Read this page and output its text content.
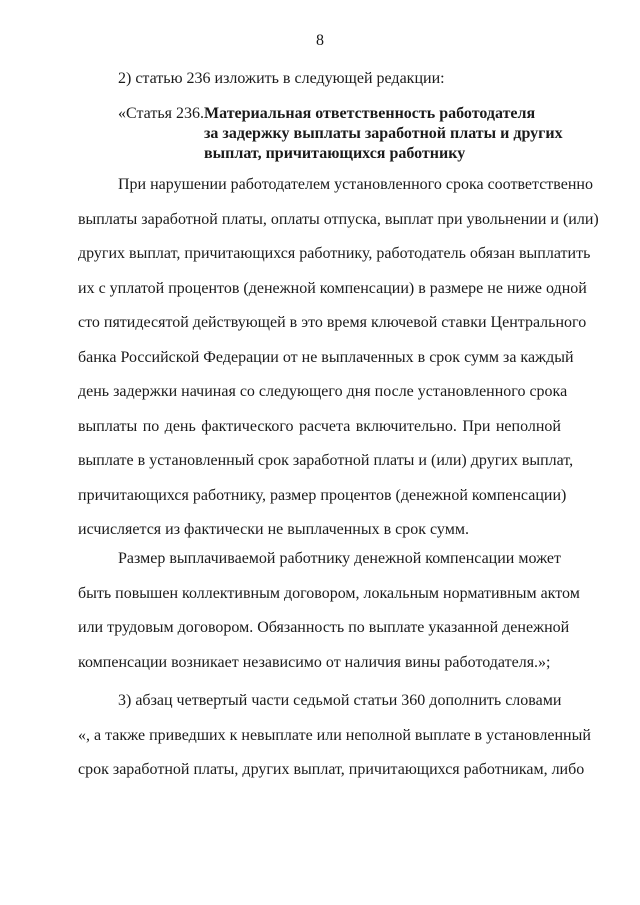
8
2) статью 236 изложить в следующей редакции:
«Статья 236. Материальная ответственность работодателя
за задержку выплаты заработной платы и других
выплат, причитающихся работнику
При нарушении работодателем установленного срока соответственно
выплаты заработной платы, оплаты отпуска, выплат при увольнении и (или)
других выплат, причитающихся работнику, работодатель обязан выплатить
их с уплатой процентов (денежной компенсации) в размере не ниже одной
сто пятидесятой действующей в это время ключевой ставки Центрального
банка Российской Федерации от не выплаченных в срок сумм за каждый
день задержки начиная со следующего дня после установленного срока
выплаты по день фактического расчета включительно. При неполной
выплате в установленный срок заработной платы и (или) других выплат,
причитающихся работнику, размер процентов (денежной компенсации)
исчисляется из фактически не выплаченных в срок сумм.
Размер выплачиваемой работнику денежной компенсации может
быть повышен коллективным договором, локальным нормативным актом
или трудовым договором. Обязанность по выплате указанной денежной
компенсации возникает независимо от наличия вины работодателя.»;
3) абзац четвертый части седьмой статьи 360 дополнить словами
«, а также приведших к невыплате или неполной выплате в установленный
срок заработной платы, других выплат, причитающихся работникам, либо
